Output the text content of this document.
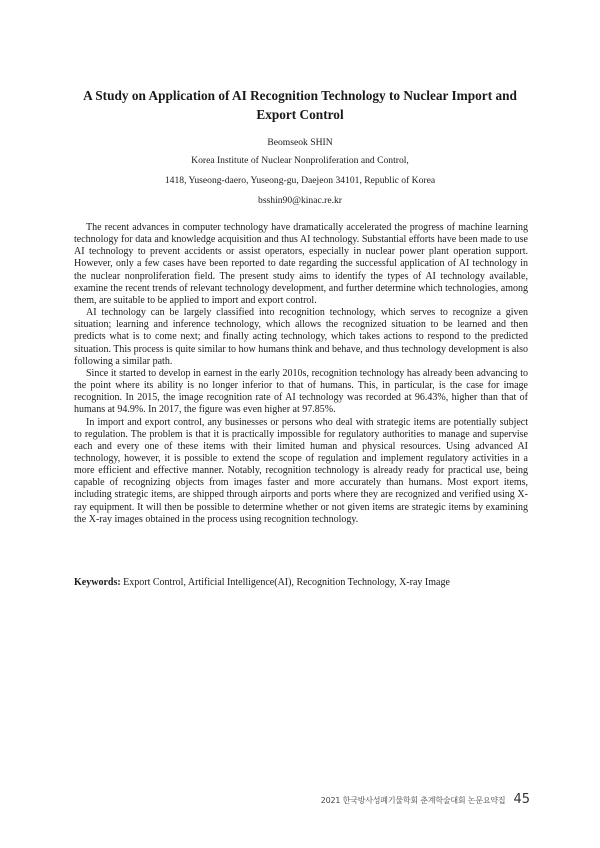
A Study on Application of AI Recognition Technology to Nuclear Import and
Export Control

Beomseok SHIN

Korea Institute of Nuclear Nonproliferation and Control,

1418, Yuseong-daero, Yuseong-gu, Daejeon 34101, Republic of Korea

bsshin90@kinac.re.kr

The recent advances in computer technology have dramatically accelerated the progress of machine learning technology for data and knowledge acquisition and thus AI technology. Substantial efforts have been made to use AI technology to prevent accidents or assist operators, especially in nuclear power plant operation support. However, only a few cases have been reported to date regarding the successful application of AI technology in the nuclear nonproliferation field. The present study aims to identify the types of AI technology available, examine the recent trends of relevant technology development, and further determine which technologies, among them, are suitable to be applied to import and export control.

AI technology can be largely classified into recognition technology, which serves to recognize a given situation; learning and inference technology, which allows the recognized situation to be learned and then predicts what is to come next; and finally acting technology, which takes actions to respond to the predicted situation. This process is quite similar to how humans think and behave, and thus technology development is also following a similar path.

Since it started to develop in earnest in the early 2010s, recognition technology has already been advancing to the point where its ability is no longer inferior to that of humans. This, in particular, is the case for image recognition. In 2015, the image recognition rate of AI technology was recorded at 96.43%, higher than that of humans at 94.9%. In 2017, the figure was even higher at 97.85%.

In import and export control, any businesses or persons who deal with strategic items are potentially subject to regulation. The problem is that it is practically impossible for regulatory authorities to manage and supervise each and every one of these items with their limited human and physical resources. Using advanced AI technology, however, it is possible to extend the scope of regulation and implement regulatory activities in a more efficient and effective manner. Notably, recognition technology is already ready for practical use, being capable of recognizing objects from images faster and more accurately than humans. Most export items, including strategic items, are shipped through airports and ports where they are recognized and verified using X-ray equipment. It will then be possible to determine whether or not given items are strategic items by examining the X-ray images obtained in the process using recognition technology.

Keywords: Export Control, Artificial Intelligence(AI), Recognition Technology, X-ray Image

2021 한국방사성폐기물학회 춘계학술대회 논문요약집 45
